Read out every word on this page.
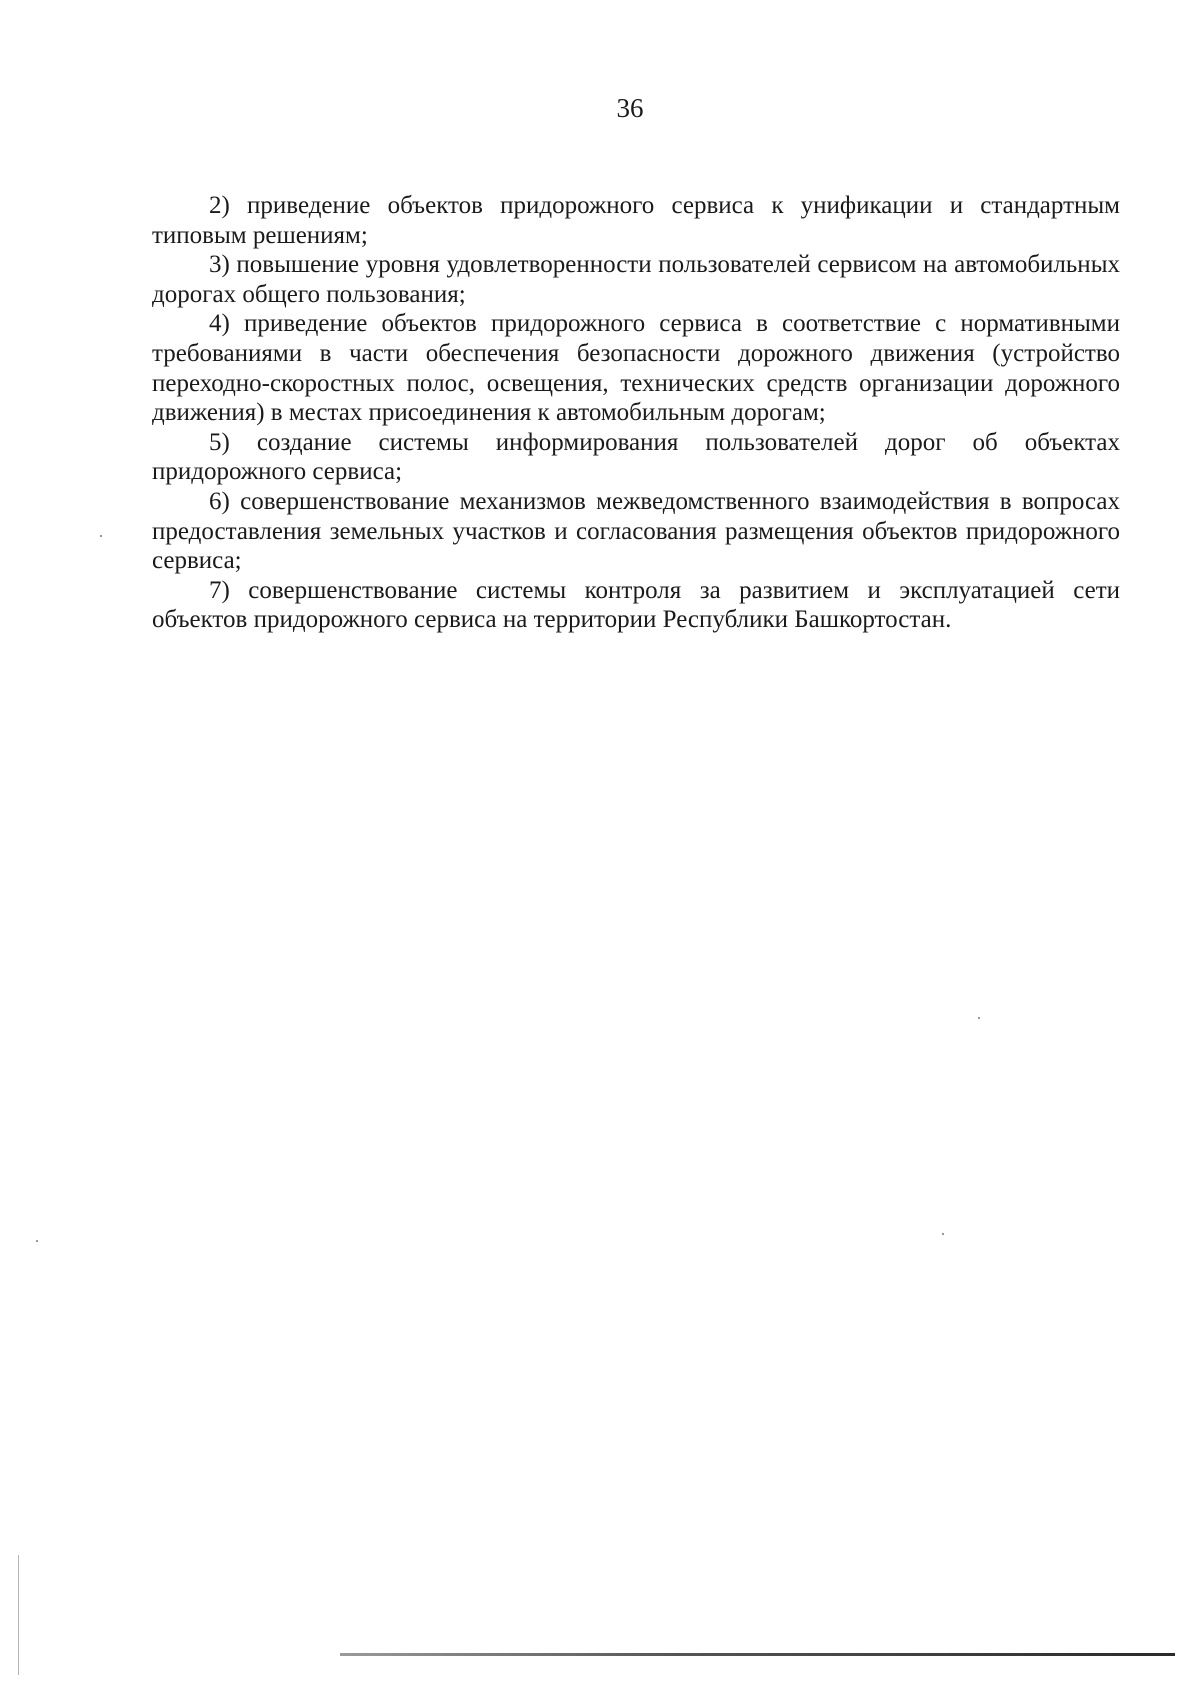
36

2) приведение объектов придорожного сервиса к унификации и стандартным типовым решениям;

3) повышение уровня удовлетворенности пользователей сервисом на автомобильных дорогах общего пользования;

4) приведение объектов придорожного сервиса в соответствие с нормативными требованиями в части обеспечения безопасности дорожного движения (устройство переходно-скоростных полос, освещения, технических средств организации дорожного движения) в местах присоединения к автомобильным дорогам;

5) создание системы информирования пользователей дорог об объектах придорожного сервиса;

6) совершенствование механизмов межведомственного взаимодействия в вопросах предоставления земельных участков и согласования размещения объектов придорожного сервиса;

7) совершенствование системы контроля за развитием и эксплуатацией сети объектов придорожного сервиса на территории Республики Башкортостан.
